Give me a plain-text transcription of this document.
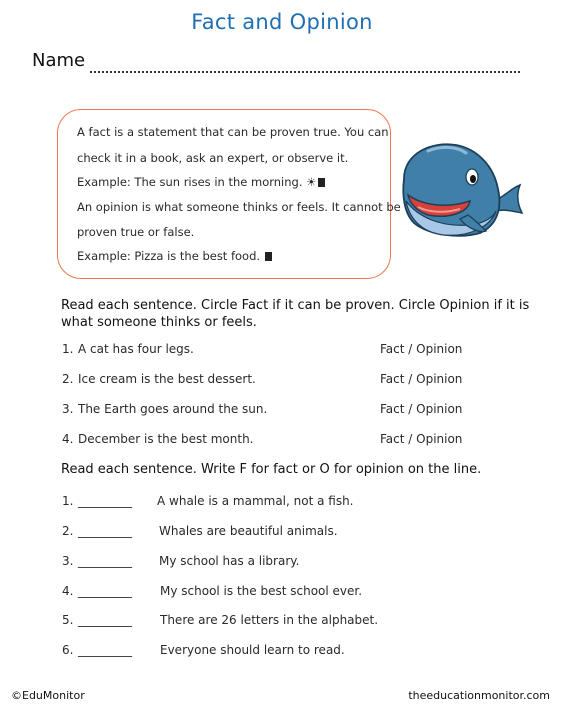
Fact and Opinion
Name
A fact is a statement that can be proven true. You can
check it in a book, ask an expert, or observe it.
Example: The sun rises in the morning. ☀
An opinion is what someone thinks or feels. It cannot be
proven true or false.
Example: Pizza is the best food.
Read each sentence. Circle Fact if it can be proven. Circle Opinion if it is what someone thinks or feels.
1. A cat has four legs.	Fact / Opinion
2. Ice cream is the best dessert.	Fact / Opinion
3. The Earth goes around the sun.	Fact / Opinion
4. December is the best month.	Fact / Opinion
Read each sentence. Write F for fact or O for opinion on the line.
1. _________ A whale is a mammal, not a fish.
2. _________ Whales are beautiful animals.
3. _________ My school has a library.
4. _________ My school is the best school ever.
5. _________ There are 26 letters in the alphabet.
6. _________ Everyone should learn to read.
©EduMonitor	theeducationmonitor.com
